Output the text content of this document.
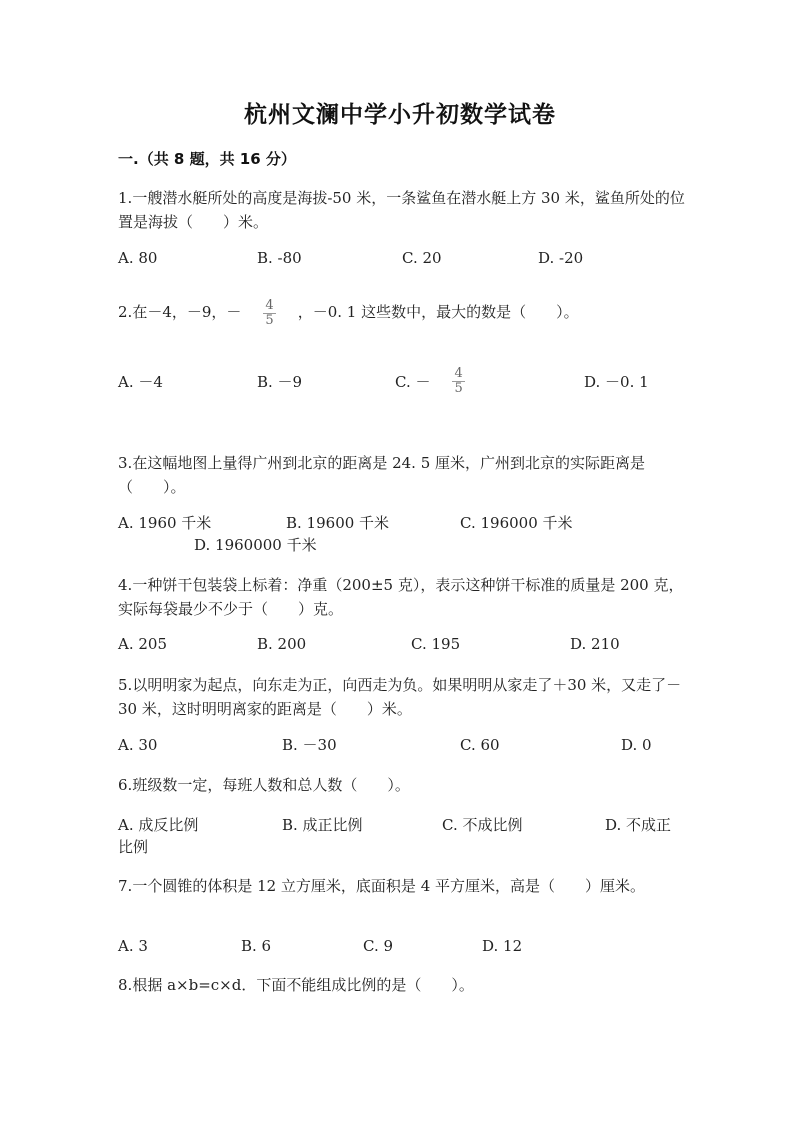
杭州文澜中学小升初数学试卷
一.（共 8 题，共 16 分）
1.一艘潜水艇所处的高度是海拔-50 米，一条鲨鱼在潜水艇上方 30 米，鲨鱼所处的位置是海拔（　　）米。
A. 80	B. -80	C. 20	D. -20
2.在－4，－9，－ $\frac{4}{5}$ ，－0. 1 这些数中，最大的数是（　　）。
A. －4	B. －9	C. － $\frac{4}{5}$	D. －0. 1
3.在这幅地图上量得广州到北京的距离是 24. 5 厘米，广州到北京的实际距离是（　　）。
A. 1960 千米	B. 19600 千米	C. 196000 千米
D. 1960000 千米
4.一种饼干包装袋上标着：净重（200±5 克），表示这种饼干标准的质量是 200 克，实际每袋最少不少于（　　）克。
A. 205	B. 200	C. 195	D. 210
5.以明明家为起点，向东走为正，向西走为负。如果明明从家走了＋30 米，又走了－30 米，这时明明离家的距离是（　　）米。
A. 30	B. －30	C. 60	D. 0
6.班级数一定，每班人数和总人数（　　）。
A. 成反比例	B. 成正比例	C. 不成比例	D. 不成正
比例
7.一个圆锥的体积是 12 立方厘米，底面积是 4 平方厘米，高是（　　）厘米。
A. 3	B. 6	C. 9	D. 12
8.根据 a×b=c×d．下面不能组成比例的是（　　）。
